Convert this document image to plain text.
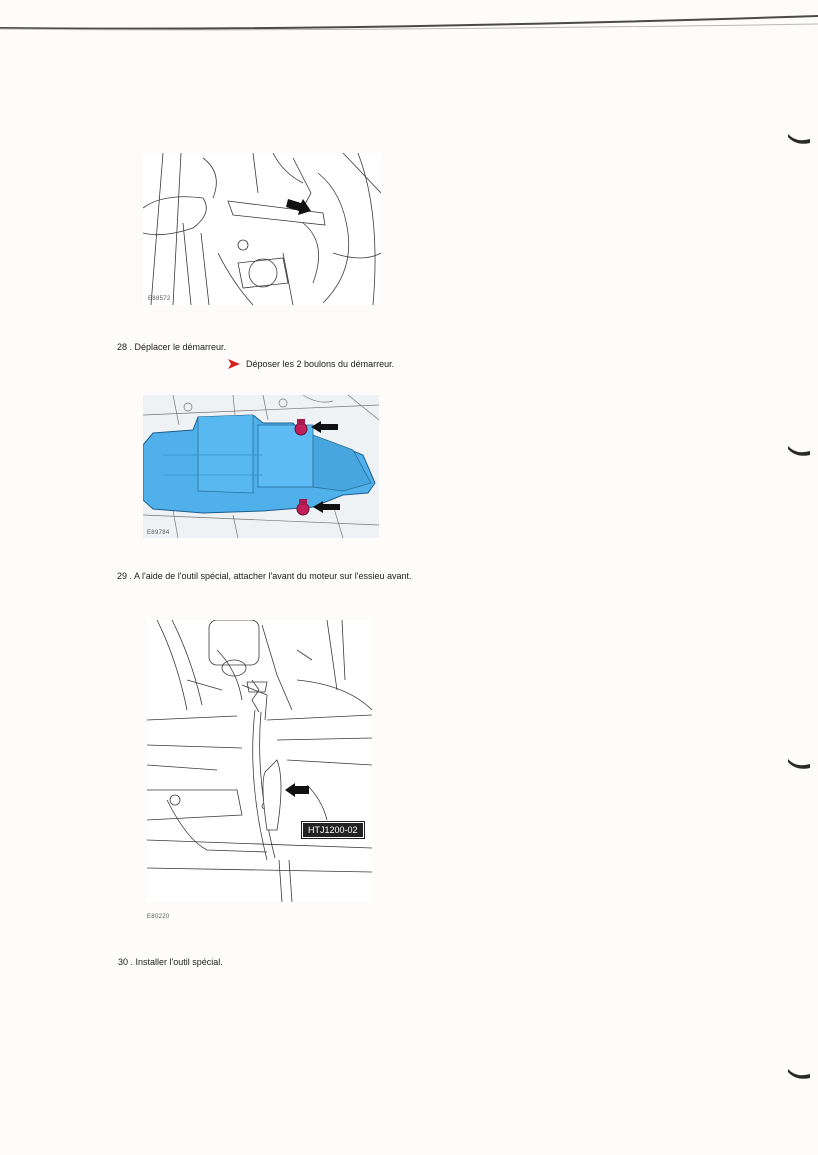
E88572
28 . Déplacer le démarreur.
Déposer les 2 boulons du démarreur.
E89784
29 . A l'aide de l'outil spécial, attacher l'avant du moteur sur l'essieu avant.
HTJ1200-02
E80220
30 . Installer l'outil spécial.
